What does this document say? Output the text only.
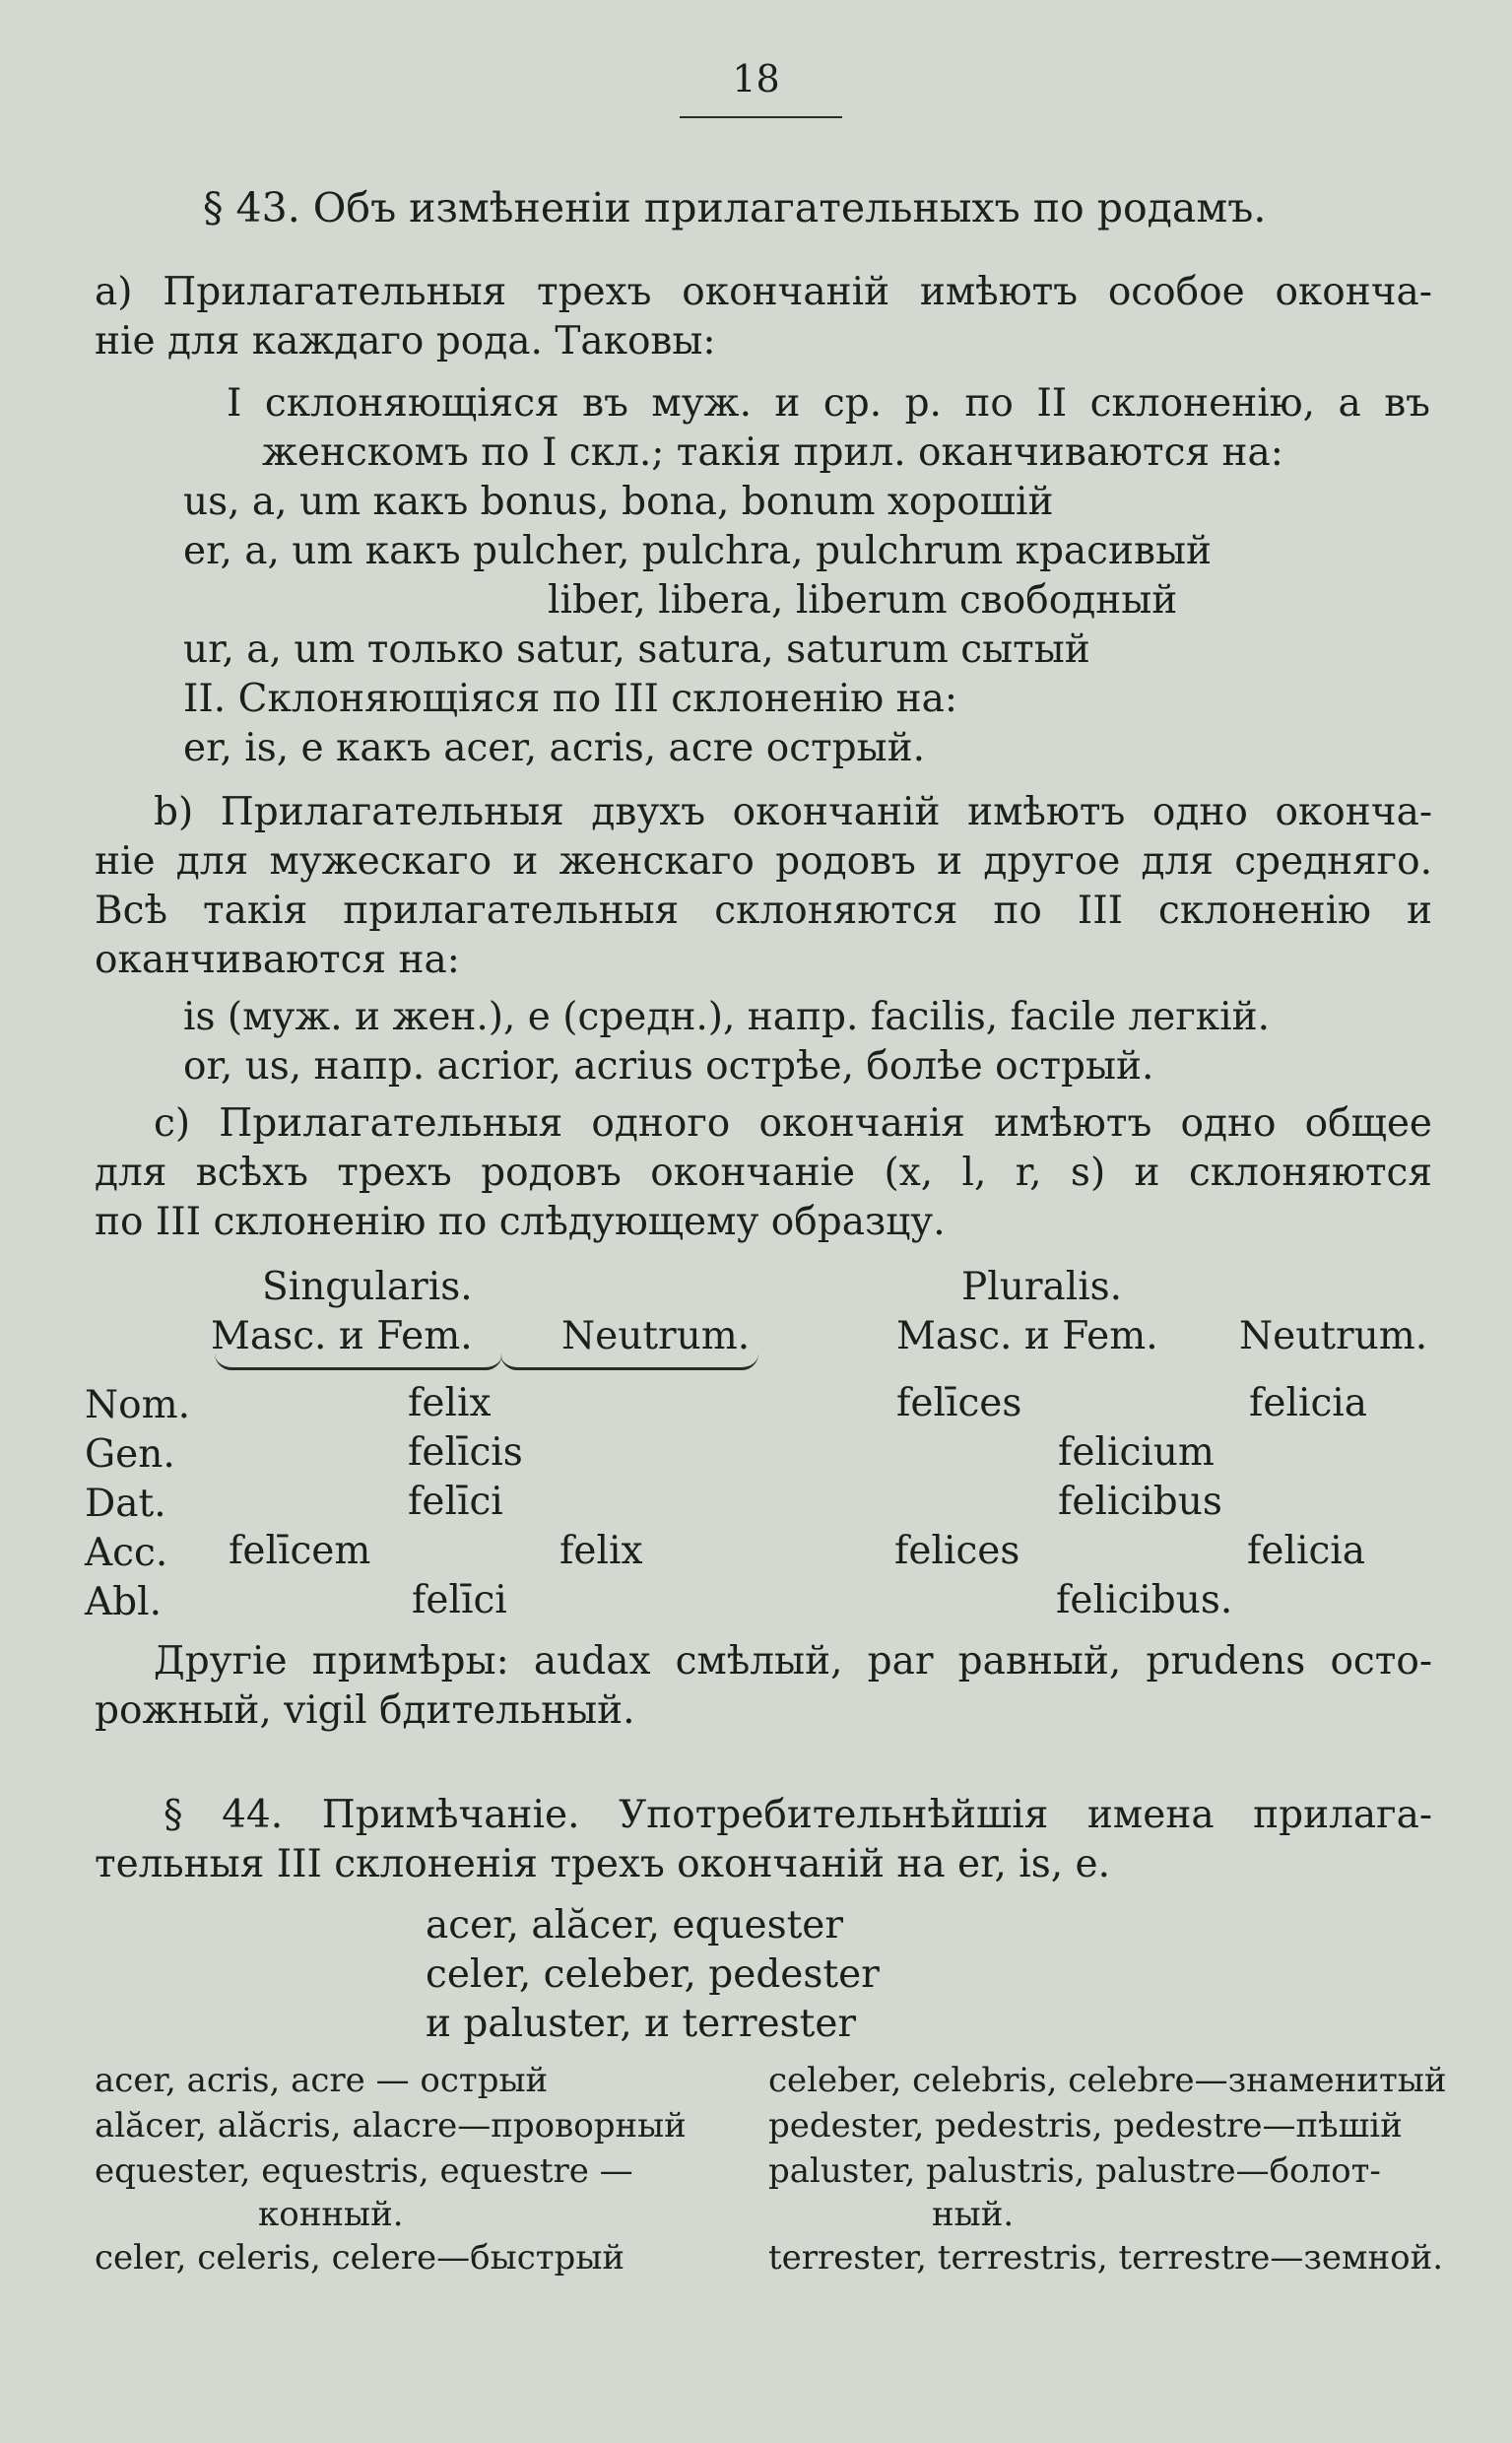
18
§ 43. Объ измѣненіи прилагательныхъ по родамъ.
а) Прилагательныя трехъ окончаній имѣютъ особое оконча-
ніе для каждаго рода. Таковы:
I склоняющіяся въ муж. и ср. р. по II склоненію, а въ
женскомъ по I скл.; такія прил. оканчиваются на:
us, a, um какъ bonus, bona, bonum хорошій
er, a, um какъ pulcher, pulchra, pulchrum красивый
liber, libera, liberum свободный
ur, a, um только satur, satura, saturum сытый
II. Склоняющіяся по III склоненію на:
er, is, e какъ acer, acris, acre острый.
b) Прилагательныя двухъ окончаній имѣютъ одно оконча-
ніе для мужескаго и женскаго родовъ и другое для средняго.
Всѣ такія прилагательныя склоняются по III склоненію и
оканчиваются на:
is (муж. и жен.), e (средн.), напр. facilis, facile легкій.
or, us, напр. acrior, acrius острѣе, болѣе острый.
с) Прилагательныя одного окончанія имѣютъ одно общее
для всѣхъ трехъ родовъ окончаніе (x, l, r, s) и склоняются
по III склоненію по слѣдующему образцу.
Singularis.	Pluralis.
Masc. и Fem. Neutrum.	Masc. и Fem. Neutrum.
Nom.	felix	felīces	felicia
Gen.	felīcis	felicium
Dat.	felīci	felicibus
Acc. felīcem	felix	felices	felicia
Abl.	felīci	felicibus.
Другіе примѣры: audax смѣлый, par равный, prudens осто-
рожный, vigil бдительный.
§ 44. Примѣчаніе. Употребительнѣйшія имена прилага-
тельныя III склоненія трехъ окончаній на er, is, e.
acer, alăcer, equester
celer, celeber, pedester
и paluster, и terrester
acer, acris, acre — острый
alăcer, alăcris, alacre—проворный
equester, equestris, equestre —
конный.
celer, celeris, celere—быстрый
celeber, celebris, celebre—знаменитый
pedester, pedestris, pedestre—пѣшій
paluster, palustris, palustre—болот-
ный.
terrester, terrestris, terrestre—земной.
